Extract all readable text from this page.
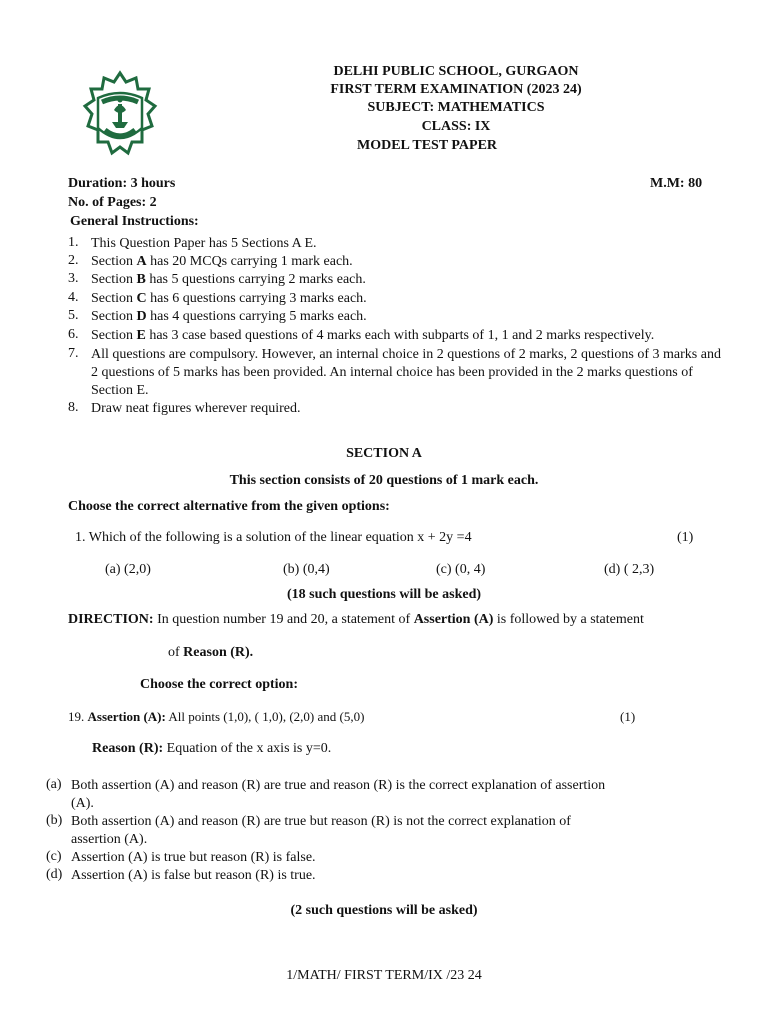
DELHI PUBLIC SCHOOL, GURGAON
FIRST TERM EXAMINATION (2023 24)
SUBJECT: MATHEMATICS
CLASS: IX
MODEL TEST PAPER
Duration: 3 hours	M.M: 80
No. of Pages: 2
General Instructions:
1. This Question Paper has 5 Sections A E.
2. Section A has 20 MCQs carrying 1 mark each.
3. Section B has 5 questions carrying 2 marks each.
4. Section C has 6 questions carrying 3 marks each.
5. Section D has 4 questions carrying 5 marks each.
6. Section E has 3 case based questions of 4 marks each with subparts of 1, 1 and 2 marks respectively.
7. All questions are compulsory. However, an internal choice in 2 questions of 2 marks, 2 questions of 3 marks and 2 questions of 5 marks has been provided. An internal choice has been provided in the 2 marks questions of Section E.
8. Draw neat figures wherever required.
SECTION A
This section consists of 20 questions of 1 mark each.
Choose the correct alternative from the given options:
1. Which of the following is a solution of the linear equation x + 2y =4	(1)
(a) (2,0)	(b) (0,4)	(c) (0, 4)	(d) ( 2,3)
(18 such questions will be asked)
DIRECTION: In question number 19 and 20, a statement of Assertion (A) is followed by a statement
of Reason (R).
Choose the correct option:
19. Assertion (A): All points (1,0), ( 1,0), (2,0) and (5,0)	(1)
Reason (R): Equation of the x axis is y=0.
(a) Both assertion (A) and reason (R) are true and reason (R) is the correct explanation of assertion (A).
(b) Both assertion (A) and reason (R) are true but reason (R) is not the correct explanation of assertion (A).
(c) Assertion (A) is true but reason (R) is false.
(d) Assertion (A) is false but reason (R) is true.
(2 such questions will be asked)
1/MATH/ FIRST TERM/IX /23 24
